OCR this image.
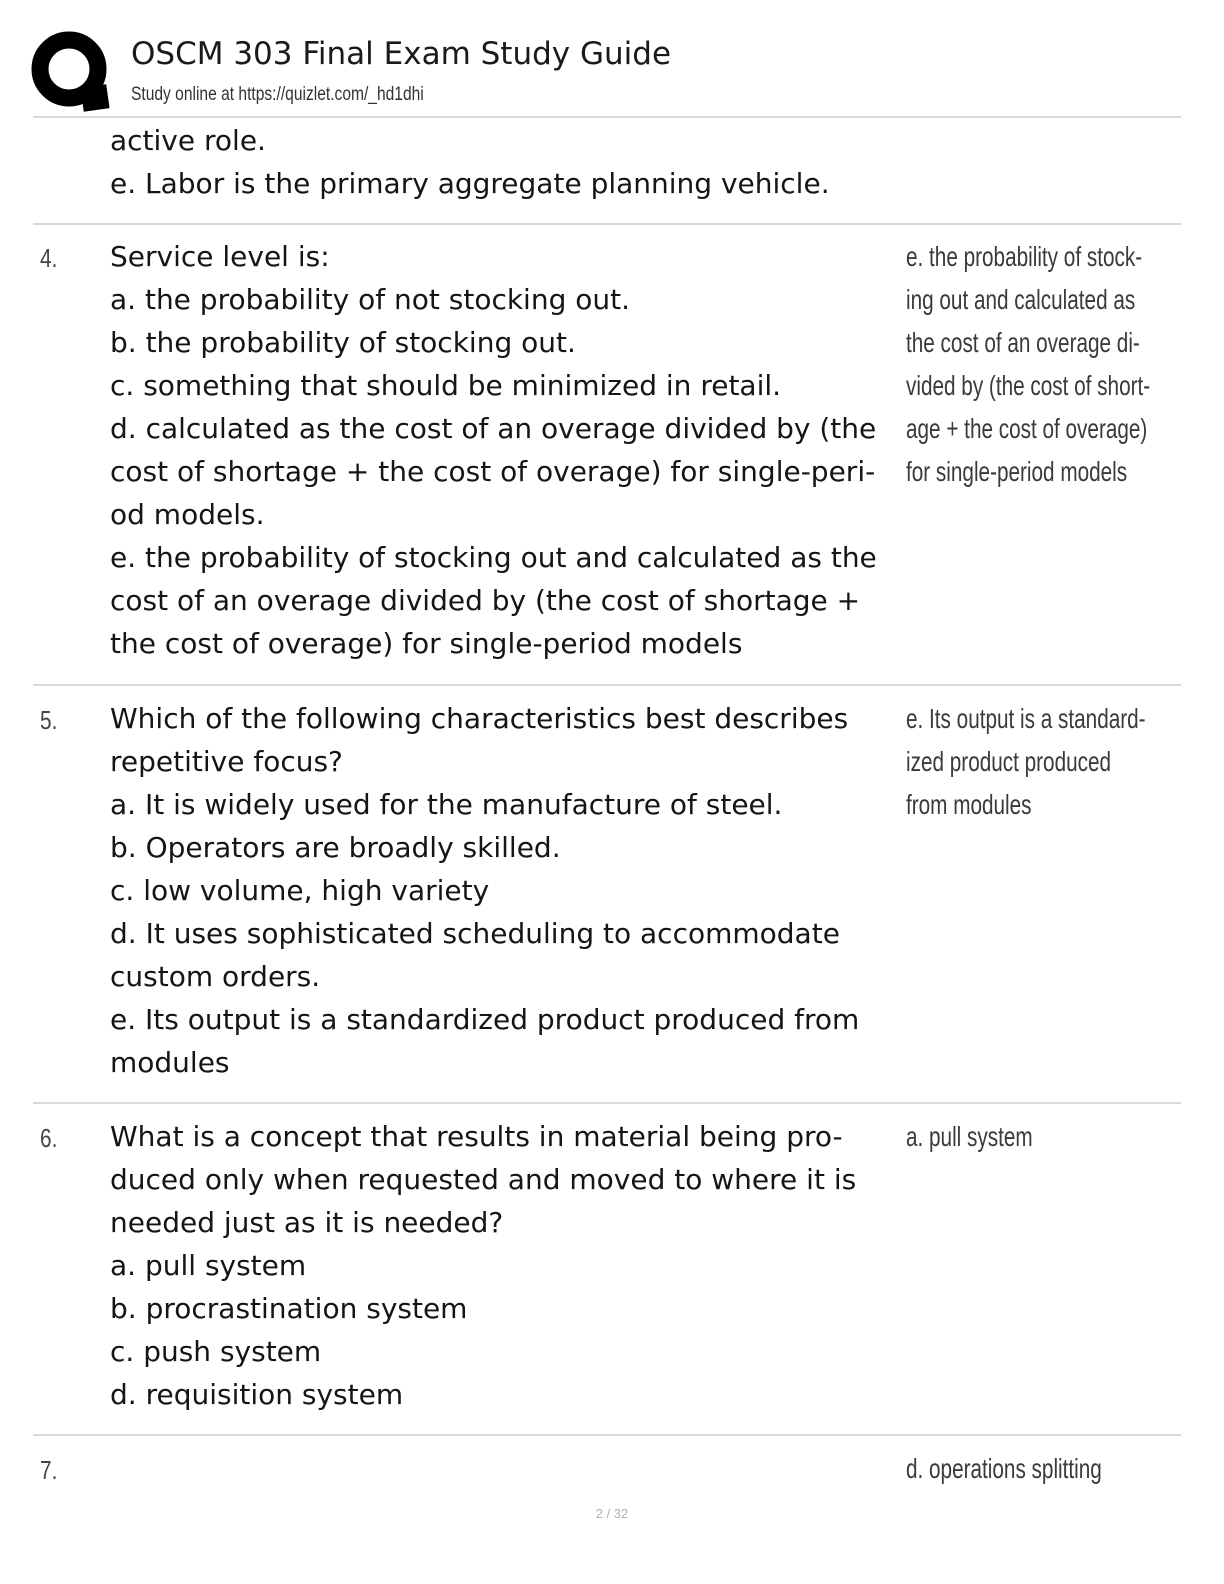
OSCM 303 Final Exam Study Guide
Study online at https://quizlet.com/_hd1dhi
active role.
e. Labor is the primary aggregate planning vehicle.
4. Service level is:
a. the probability of not stocking out.
b. the probability of stocking out.
c. something that should be minimized in retail.
d. calculated as the cost of an overage divided by (the
cost of shortage + the cost of overage) for single-peri-
od models.
e. the probability of stocking out and calculated as the
cost of an overage divided by (the cost of shortage +
the cost of overage) for single-period models
e. the probability of stock-
ing out and calculated as
the cost of an overage di-
vided by (the cost of short-
age + the cost of overage)
for single-period models
5. Which of the following characteristics best describes
repetitive focus?
a. It is widely used for the manufacture of steel.
b. Operators are broadly skilled.
c. low volume, high variety
d. It uses sophisticated scheduling to accommodate
custom orders.
e. Its output is a standardized product produced from
modules
e. Its output is a standard-
ized product produced
from modules
6. What is a concept that results in material being pro-
duced only when requested and moved to where it is
needed just as it is needed?
a. pull system
b. procrastination system
c. push system
d. requisition system
a. pull system
7.	d. operations splitting
2 / 32
